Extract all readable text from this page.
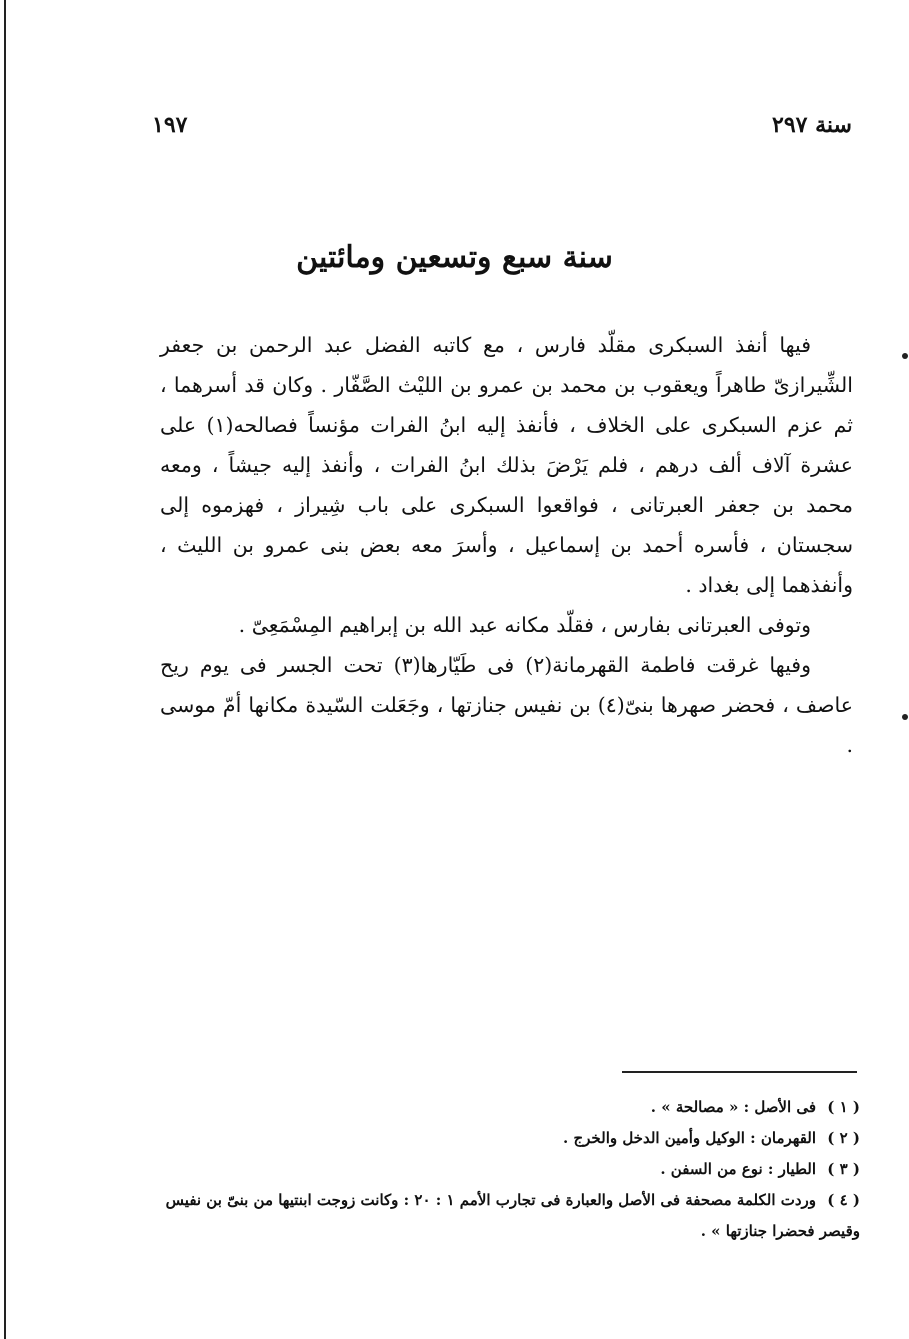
١٩٧	سنة ٢٩٧
سنة سبع وتسعين ومائتين

فيها أنفذ السبكرى مقلّد فارس ، مع كاتبه الفضل عبد الرحمن بن جعفر الشِّيرازىّ طاهراً ويعقوب بن محمد بن عمرو بن الليْث الصَّفّار . وكان قد أسرهما ، ثم عزم السبكرى على الخلاف ، فأنفذ إليه ابنُ الفرات مؤنساً فصالحه(١) على عشرة آلاف ألف درهم ، فلم يَرْضَ بذلك ابنُ الفرات ، وأنفذ إليه جيشاً ، ومعه محمد بن جعفر العبرتانى ، فواقعوا السبكرى على باب شِيراز ، فهزموه إلى سجستان ، فأسره أحمد بن إسماعيل ، وأسرَ معه بعض بنى عمرو بن الليث ، وأنفذهما إلى بغداد .

وتوفى العبرتانى بفارس ، فقلّد مكانه عبد الله بن إبراهيم المِسْمَعِىّ .

وفيها غرقت فاطمة القهرمانة(٢) فى طَيّارها(٣) تحت الجسر فى يوم ريح عاصف ، فحضر صهرها بنىّ(٤) بن نفيس جنازتها ، وجَعَلت السّيدة مكانها أمّ موسى .

( ١ ) فى الأصل : « مصالحة » .

( ٢ ) القهرمان : الوكيل وأمين الدخل والخرج .

( ٣ ) الطيار : نوع من السفن .

( ٤ ) وردت الكلمة مصحفة فى الأصل والعبارة فى تجارب الأمم ١ : ٢٠ : وكانت زوجت ابنتيها من بنىّ بن نفيس وقيصر فحضرا جنازتها » .
